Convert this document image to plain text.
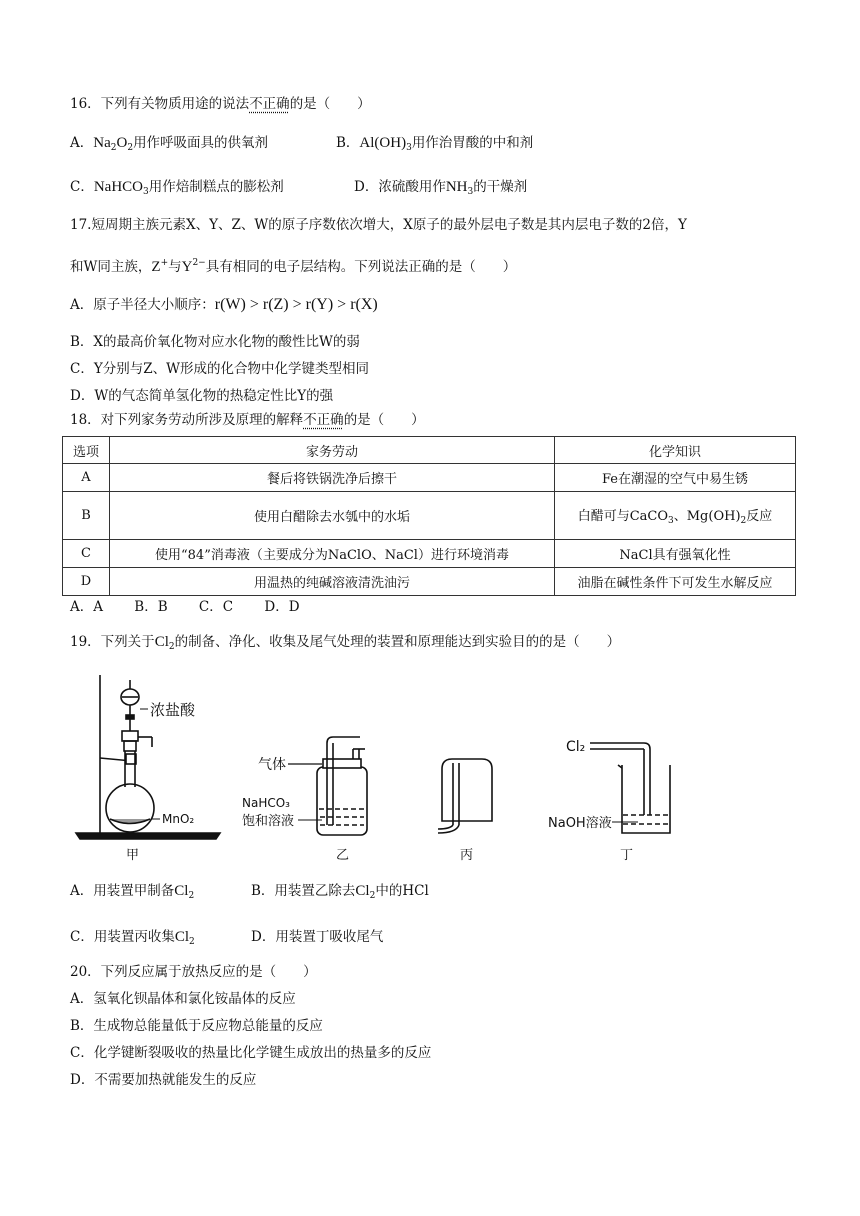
16．下列有关物质用途的说法不正确的是（　　）
A．$Na_2O_2$用作呼吸面具的供氧剂	B．$Al(OH)_3$用作治胃酸的中和剂
C．NaHCO$_3$用作焙制糕点的膨松剂	D．浓硫酸用作$NH_3$的干燥剂
17.短周期主族元素X、Y、Z、W的原子序数依次增大，X原子的最外层电子数是其内层电子数的2倍，Y
和W同主族，Z+与$Y^{2-}$具有相同的电子层结构。下列说法正确的是（　　）
A．原子半径大小顺序：r(W) > r(Z) > r(Y) > r(X)
B．X的最高价氧化物对应水化物的酸性比W的弱
C．Y分别与Z、W形成的化合物中化学键类型相同
D．W的气态简单氢化物的热稳定性比Y的强
18．对下列家务劳动所涉及原理的解释不正确的是（　　）
选项	家务劳动	化学知识
A	餐后将铁锅洗净后擦干	Fe在潮湿的空气中易生锈
B	使用白醋除去水瓠中的水垢	白醋可与CaCO$_3$、$Mg(OH)_2$反应
C	使用“84”消毒液（主要成分为NaClO、NaCl）进行环境消毒	NaCl具有强氧化性
D	用温热的纯碱溶液清洗油污	油脂在碱性条件下可发生水解反应
A．A　　 B．B　　 C．C　　 D．D
19．下列关于$Cl_2$的制备、净化、收集及尾气处理的装置和原理能达到实验目的的是（　　）
浓盐酸
MnO₂
甲
气体
NaHCO₃
饱和溶液
乙	丙
Cl₂
NaOH溶液
丁
A．用装置甲制备$Cl_2$	B．用装置乙除去$Cl_2$中的HCl
C．用装置丙收集$Cl_2$	D．用装置丁吸收尾气
20．下列反应属于放热反应的是（　　）
A．氢氧化钡晶体和氯化铵晶体的反应
B．生成物总能量低于反应物总能量的反应
C．化学键断裂吸收的热量比化学键生成放出的热量多的反应
D．不需要加热就能发生的反应
